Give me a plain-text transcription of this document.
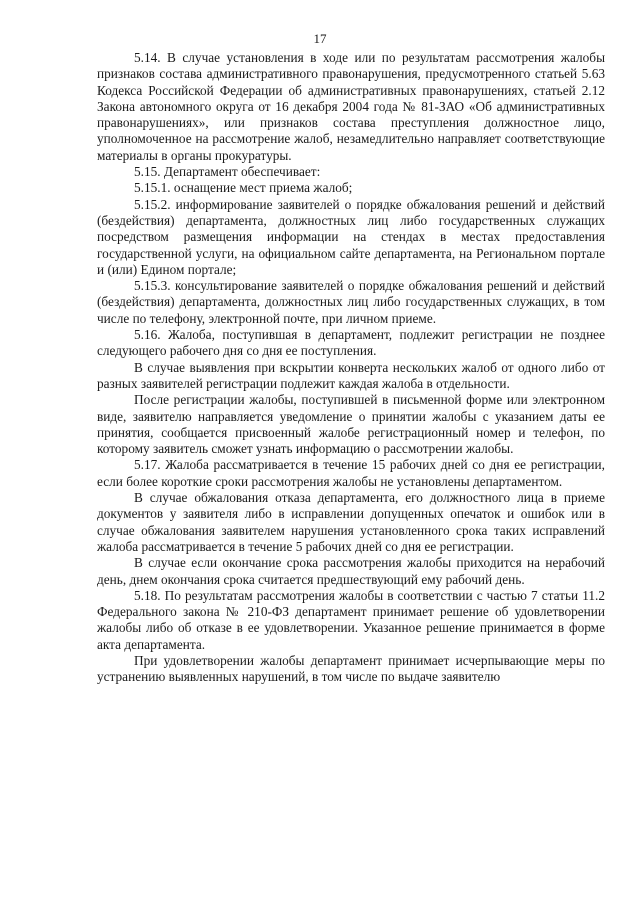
17

5.14. В случае установления в ходе или по результатам рассмотрения жалобы признаков состава административного правонарушения, предусмотренного статьей 5.63 Кодекса Российской Федерации об административных правонарушениях, статьей 2.12 Закона автономного округа от 16 декабря 2004 года № 81-ЗАО «Об административных правонарушениях», или признаков состава преступления должностное лицо, уполномоченное на рассмотрение жалоб, незамедлительно направляет соответствующие материалы в органы прокуратуры.

5.15. Департамент обеспечивает:

5.15.1. оснащение мест приема жалоб;

5.15.2. информирование заявителей о порядке обжалования решений и действий (бездействия) департамента, должностных лиц либо государственных служащих посредством размещения информации на стендах в местах предоставления государственной услуги, на официальном сайте департамента, на Региональном портале и (или) Едином портале;

5.15.3. консультирование заявителей о порядке обжалования решений и действий (бездействия) департамента, должностных лиц либо государственных служащих, в том числе по телефону, электронной почте, при личном приеме.

5.16. Жалоба, поступившая в департамент, подлежит регистрации не позднее следующего рабочего дня со дня ее поступления.

В случае выявления при вскрытии конверта нескольких жалоб от одного либо от разных заявителей регистрации подлежит каждая жалоба в отдельности.

После регистрации жалобы, поступившей в письменной форме или электронном виде, заявителю направляется уведомление о принятии жалобы с указанием даты ее принятия, сообщается присвоенный жалобе регистрационный номер и телефон, по которому заявитель сможет узнать информацию о рассмотрении жалобы.

5.17. Жалоба рассматривается в течение 15 рабочих дней со дня ее регистрации, если более короткие сроки рассмотрения жалобы не установлены департаментом.

В случае обжалования отказа департамента, его должностного лица в приеме документов у заявителя либо в исправлении допущенных опечаток и ошибок или в случае обжалования заявителем нарушения установленного срока таких исправлений жалоба рассматривается в течение 5 рабочих дней со дня ее регистрации.

В случае если окончание срока рассмотрения жалобы приходится на нерабочий день, днем окончания срока считается предшествующий ему рабочий день.

5.18. По результатам рассмотрения жалобы в соответствии с частью 7 статьи 11.2 Федерального закона № 210-ФЗ департамент принимает решение об удовлетворении жалобы либо об отказе в ее удовлетворении. Указанное решение принимается в форме акта департамента.

При удовлетворении жалобы департамент принимает исчерпывающие меры по устранению выявленных нарушений, в том числе по выдаче заявителю
